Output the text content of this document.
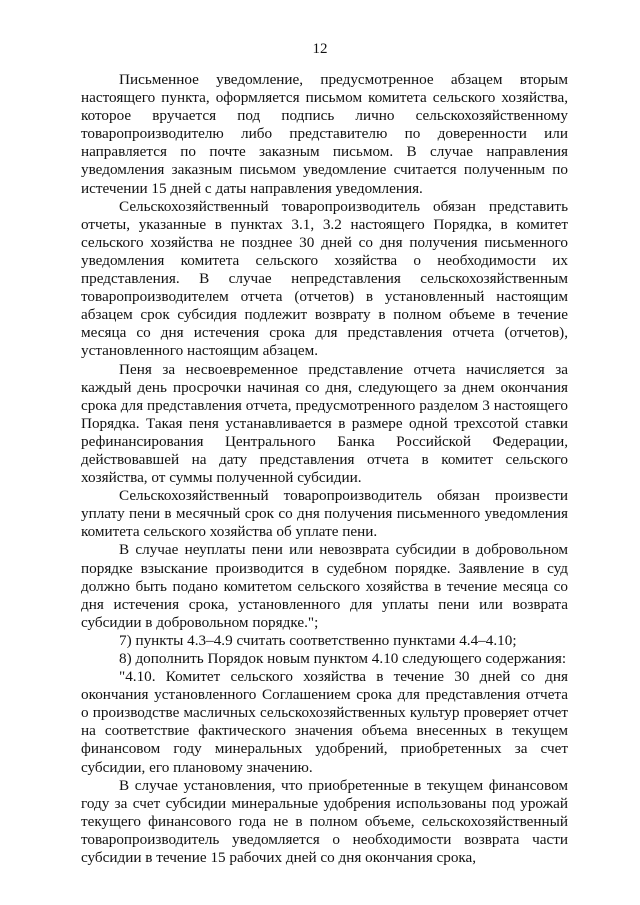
12

Письменное уведомление, предусмотренное абзацем вторым настоящего пункта, оформляется письмом комитета сельского хозяйства, которое вручается под подпись лично сельскохозяйственному товаропроизводителю либо представителю по доверенности или направляется по почте заказным письмом. В случае направления уведомления заказным письмом уведомление считается полученным по истечении 15 дней с даты направления уведомления.

Сельскохозяйственный товаропроизводитель обязан представить отчеты, указанные в пунктах 3.1, 3.2 настоящего Порядка, в комитет сельского хозяйства не позднее 30 дней со дня получения письменного уведомления комитета сельского хозяйства о необходимости их представления. В случае непредставления сельскохозяйственным товаропроизводителем отчета (отчетов) в установленный настоящим абзацем срок субсидия подлежит возврату в полном объеме в течение месяца со дня истечения срока для представления отчета (отчетов), установленного настоящим абзацем.

Пеня за несвоевременное представление отчета начисляется за каждый день просрочки начиная со дня, следующего за днем окончания срока для представления отчета, предусмотренного разделом 3 настоящего Порядка. Такая пеня устанавливается в размере одной трехсотой ставки рефинансирования Центрального Банка Российской Федерации, действовавшей на дату представления отчета в комитет сельского хозяйства, от суммы полученной субсидии.

Сельскохозяйственный товаропроизводитель обязан произвести уплату пени в месячный срок со дня получения письменного уведомления комитета сельского хозяйства об уплате пени.

В случае неуплаты пени или невозврата субсидии в добровольном порядке взыскание производится в судебном порядке. Заявление в суд должно быть подано комитетом сельского хозяйства в течение месяца со дня истечения срока, установленного для уплаты пени или возврата субсидии в добровольном порядке.";

7) пункты 4.3–4.9 считать соответственно пунктами 4.4–4.10;

8) дополнить Порядок новым пунктом 4.10 следующего содержания:

"4.10. Комитет сельского хозяйства в течение 30 дней со дня окончания установленного Соглашением срока для представления отчета о производстве масличных сельскохозяйственных культур проверяет отчет на соответствие фактического значения объема внесенных в текущем финансовом году минеральных удобрений, приобретенных за счет субсидии, его плановому значению.

В случае установления, что приобретенные в текущем финансовом году за счет субсидии минеральные удобрения использованы под урожай текущего финансового года не в полном объеме, сельскохозяйственный товаропроизводитель уведомляется о необходимости возврата части субсидии в течение 15 рабочих дней со дня окончания срока,
